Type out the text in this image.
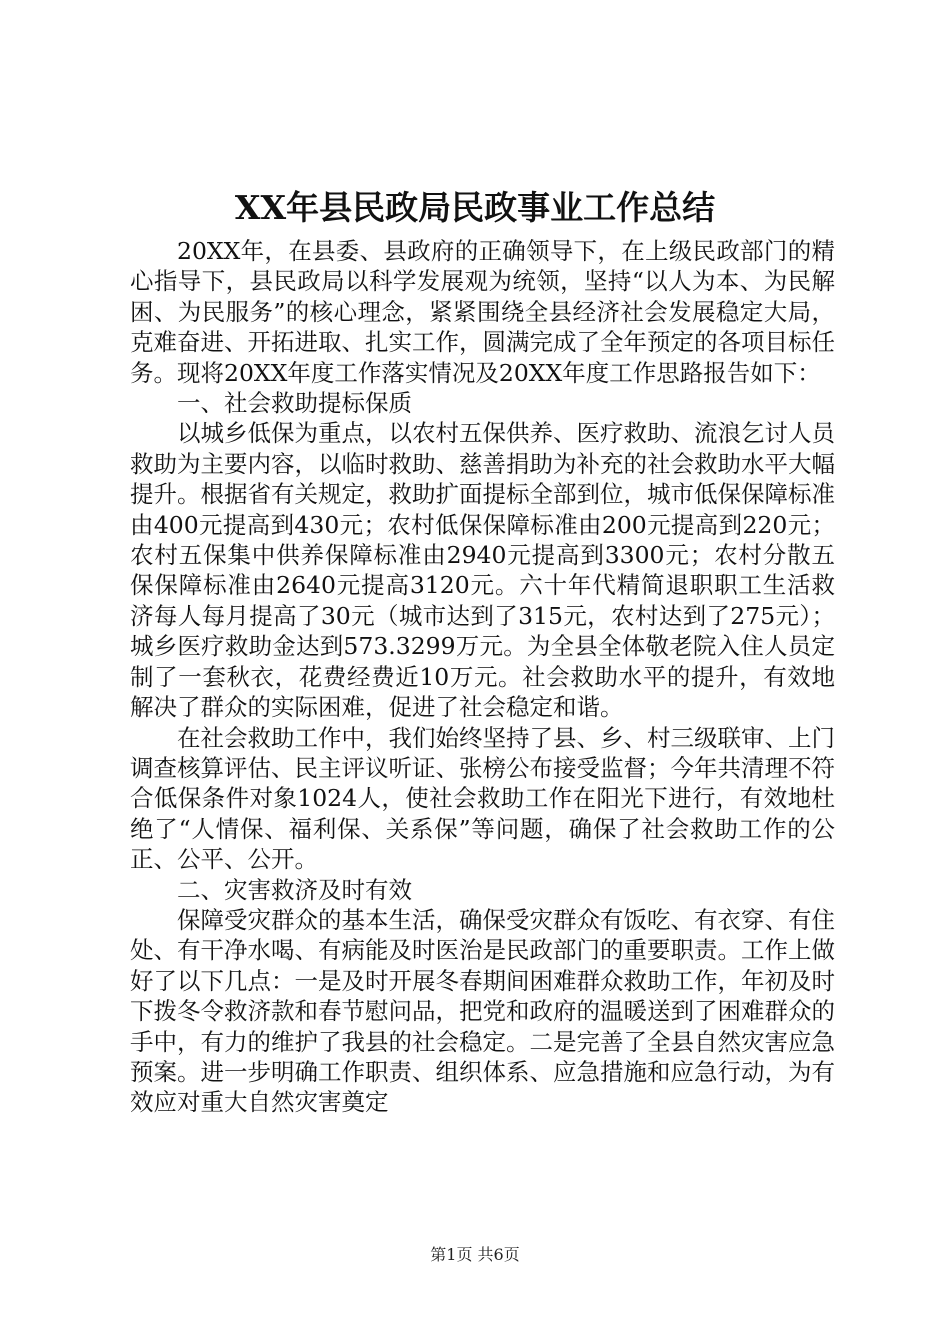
XX年县民政局民政事业工作总结

20XX年，在县委、县政府的正确领导下，在上级民政部门的精心指导下，县民政局以科学发展观为统领，坚持“以人为本、为民解困、为民服务”的核心理念，紧紧围绕全县经济社会发展稳定大局，克难奋进、开拓进取、扎实工作，圆满完成了全年预定的各项目标任务。现将20XX年度工作落实情况及20XX年度工作思路报告如下：

一、社会救助提标保质

以城乡低保为重点，以农村五保供养、医疗救助、流浪乞讨人员救助为主要内容，以临时救助、慈善捐助为补充的社会救助水平大幅提升。根据省有关规定，救助扩面提标全部到位，城市低保保障标准由400元提高到430元；农村低保保障标准由200元提高到220元；农村五保集中供养保障标准由2940元提高到3300元；农村分散五保保障标准由2640元提高3120元。六十年代精简退职职工生活救济每人每月提高了30元（城市达到了315元，农村达到了275元）；城乡医疗救助金达到573.3299万元。为全县全体敬老院入住人员定制了一套秋衣，花费经费近10万元。社会救助水平的提升，有效地解决了群众的实际困难，促进了社会稳定和谐。

在社会救助工作中，我们始终坚持了县、乡、村三级联审、上门调查核算评估、民主评议听证、张榜公布接受监督；今年共清理不符合低保条件对象1024人，使社会救助工作在阳光下进行，有效地杜绝了“人情保、福利保、关系保”等问题，确保了社会救助工作的公正、公平、公开。

二、灾害救济及时有效

保障受灾群众的基本生活，确保受灾群众有饭吃、有衣穿、有住处、有干净水喝、有病能及时医治是民政部门的重要职责。工作上做好了以下几点：一是及时开展冬春期间困难群众救助工作，年初及时下拨冬令救济款和春节慰问品，把党和政府的温暖送到了困难群众的手中，有力的维护了我县的社会稳定。二是完善了全县自然灾害应急预案。进一步明确工作职责、组织体系、应急措施和应急行动，为有效应对重大自然灾害奠定

第1页 共6页
